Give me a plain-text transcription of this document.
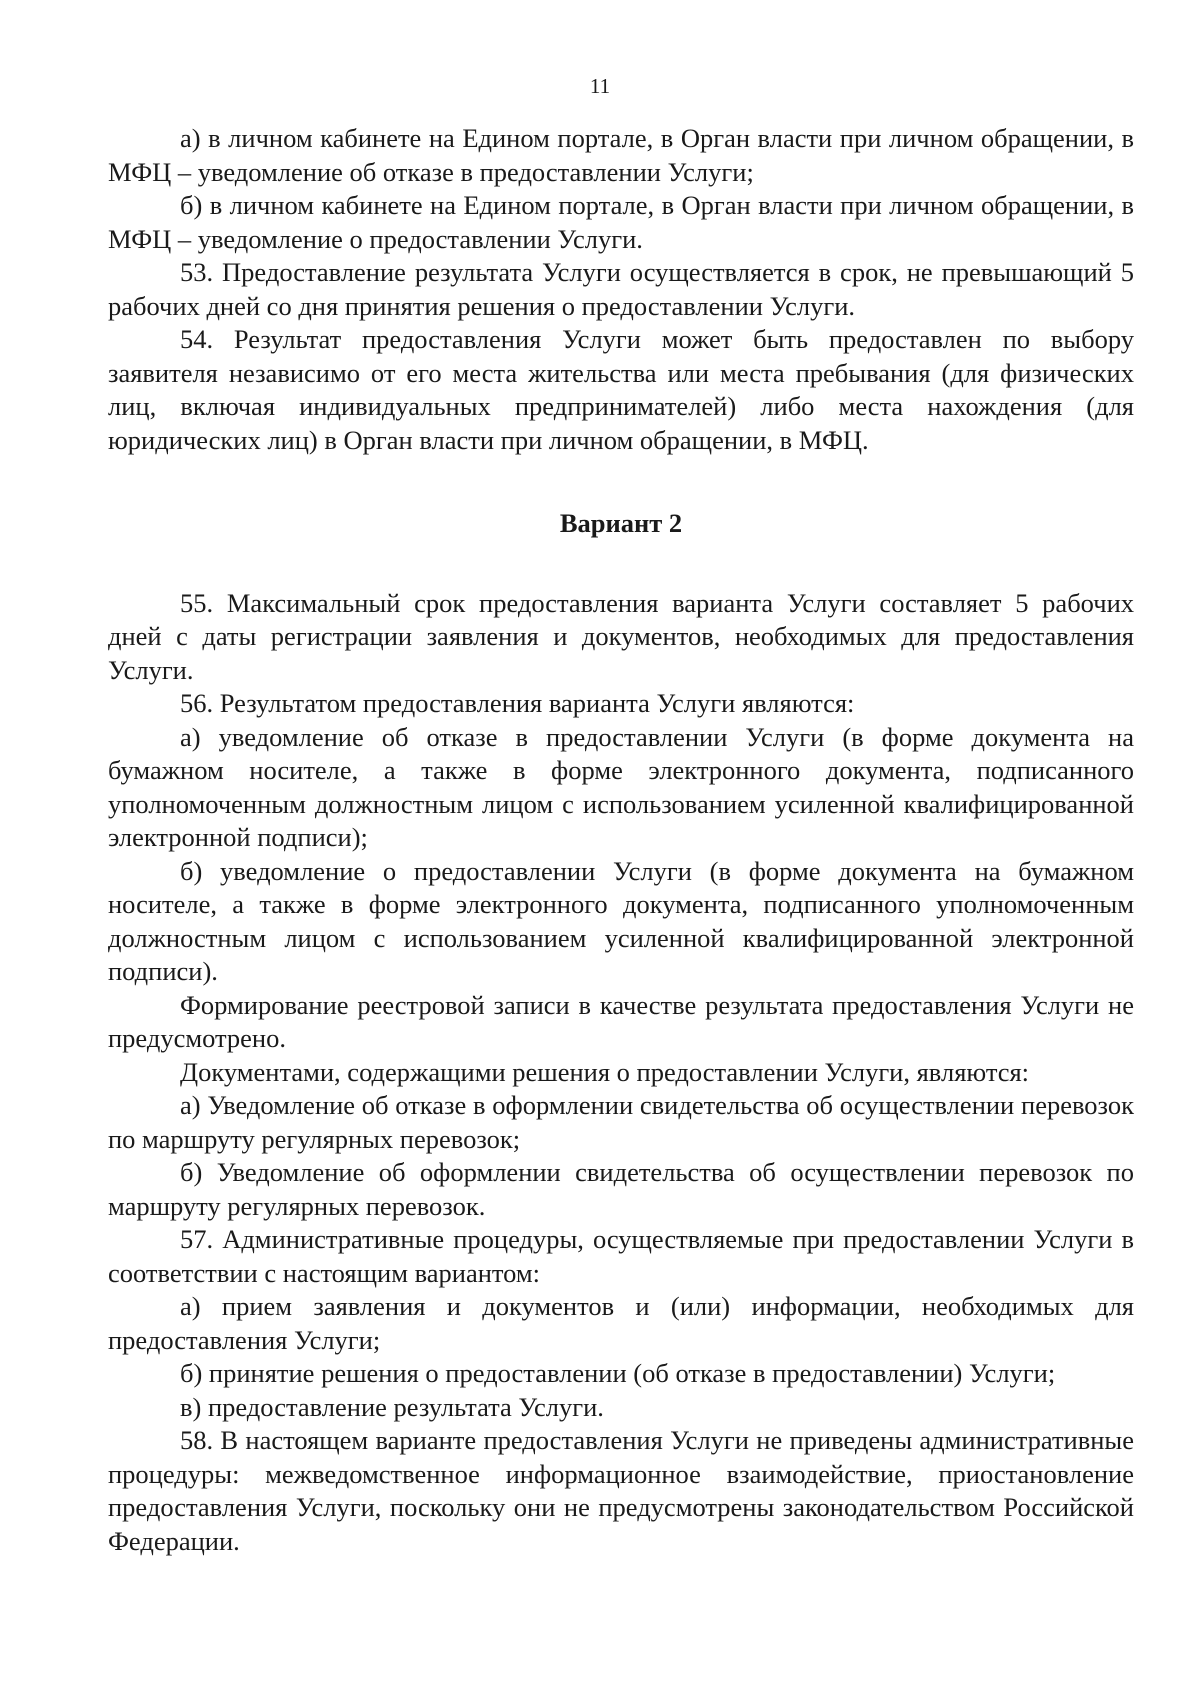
11

а) в личном кабинете на Едином портале, в Орган власти при личном обращении, в МФЦ – уведомление об отказе в предоставлении Услуги;

б) в личном кабинете на Едином портале, в Орган власти при личном обращении, в МФЦ – уведомление о предоставлении Услуги.

53. Предоставление результата Услуги осуществляется в срок, не превышающий 5 рабочих дней со дня принятия решения о предоставлении Услуги.

54. Результат предоставления Услуги может быть предоставлен по выбору заявителя независимо от его места жительства или места пребывания (для физических лиц, включая индивидуальных предпринимателей) либо места нахождения (для юридических лиц) в Орган власти при личном обращении, в МФЦ.

Вариант 2

55. Максимальный срок предоставления варианта Услуги составляет 5 рабочих дней с даты регистрации заявления и документов, необходимых для предоставления Услуги.

56. Результатом предоставления варианта Услуги являются:

а) уведомление об отказе в предоставлении Услуги (в форме документа на бумажном носителе, а также в форме электронного документа, подписанного уполномоченным должностным лицом с использованием усиленной квалифицированной электронной подписи);

б) уведомление о предоставлении Услуги (в форме документа на бумажном носителе, а также в форме электронного документа, подписанного уполномоченным должностным лицом с использованием усиленной квалифицированной электронной подписи).

Формирование реестровой записи в качестве результата предоставления Услуги не предусмотрено.

Документами, содержащими решения о предоставлении Услуги, являются:

а) Уведомление об отказе в оформлении свидетельства об осуществлении перевозок по маршруту регулярных перевозок;

б) Уведомление об оформлении свидетельства об осуществлении перевозок по маршруту регулярных перевозок.

57. Административные процедуры, осуществляемые при предоставлении Услуги в соответствии с настоящим вариантом:

а) прием заявления и документов и (или) информации, необходимых для предоставления Услуги;

б) принятие решения о предоставлении (об отказе в предоставлении) Услуги;

в) предоставление результата Услуги.

58. В настоящем варианте предоставления Услуги не приведены административные процедуры: межведомственное информационное взаимодействие, приостановление предоставления Услуги, поскольку они не предусмотрены законодательством Российской Федерации.
